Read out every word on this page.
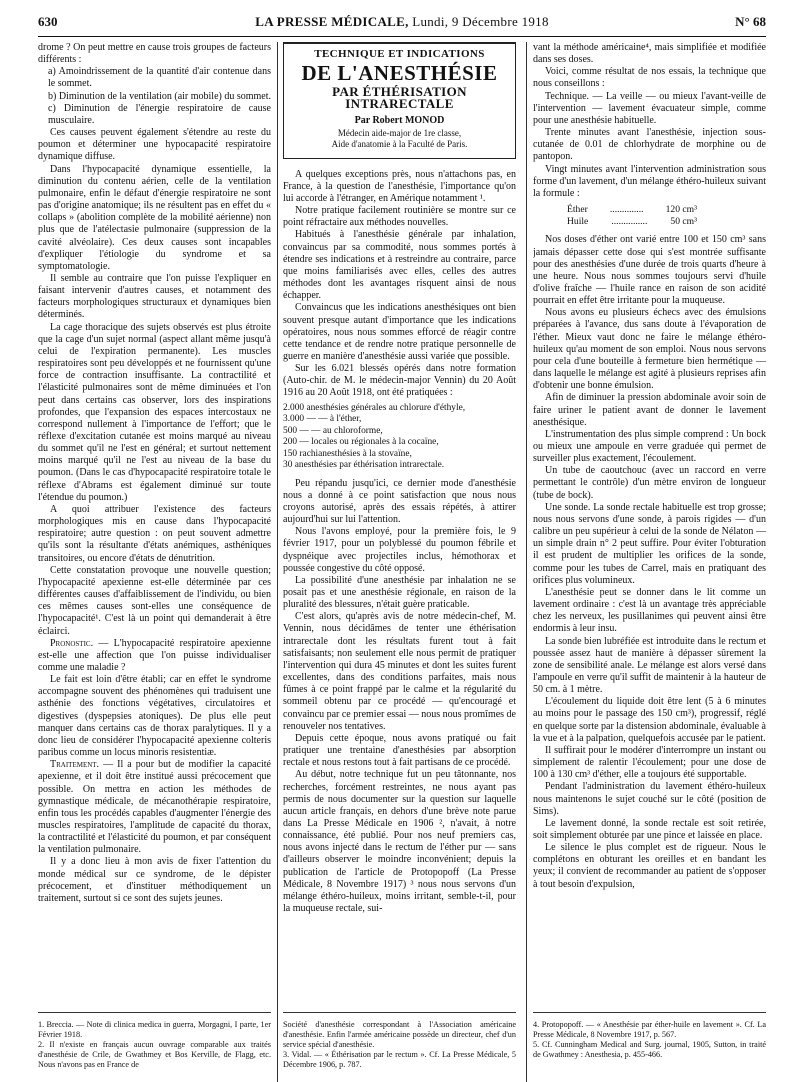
630	LA PRESSE MÉDICALE, Lundi, 9 Décembre 1918	N° 68

drome ? On peut mettre en cause trois groupes de facteurs différents :

a) Amoindrissement de la quantité d'air contenue dans le sommet.

b) Diminution de la ventilation (air mobile) du sommet.

c) Diminution de l'énergie respiratoire de cause musculaire.

Ces causes peuvent également s'étendre au reste du poumon et déterminer une hypocapacité respiratoire dynamique diffuse.

Dans l'hypocapacité dynamique essentielle, la diminution du contenu aérien, celle de la ventilation pulmonaire, enfin le défaut d'énergie respiratoire ne sont pas d'origine anatomique; ils ne résultent pas en effet du « collaps » (abolition complète de la mobilité aérienne) non plus que de l'atélectasie pulmonaire (suppression de la cavité alvéolaire). Ces deux causes sont incapables d'expliquer l'étiologie du syndrome et sa symptomatologie.

Il semble au contraire que l'on puisse l'expliquer en faisant intervenir d'autres causes, et notamment des facteurs morphologiques structuraux et dynamiques bien déterminés.

La cage thoracique des sujets observés est plus étroite que la cage d'un sujet normal (aspect allant même jusqu'à celui de l'expiration permanente). Les muscles respiratoires sont peu développés et ne fournissent qu'une force de contraction insuffisante. La contractilité et l'élasticité pulmonaires sont de même diminuées et l'on peut dans certains cas observer, lors des inspirations profondes, que l'expansion des espaces intercostaux ne correspond nullement à l'importance de l'effort; que le réflexe d'excitation cutanée est moins marqué au niveau du sommet qu'il ne l'est en général; et surtout nettement moins marqué qu'il ne l'est au niveau de la base du poumon. (Dans le cas d'hypocapacité respiratoire totale le réflexe d'Abrams est également diminué sur toute l'étendue du poumon.)

A quoi attribuer l'existence des facteurs morphologiques mis en cause dans l'hypocapacité respiratoire; autre question : on peut souvent admettre qu'ils sont la résultante d'états anémiques, asthéniques transitoires, ou encore d'états de dénutrition.

Cette constatation provoque une nouvelle question; l'hypocapacité apexienne est-elle déterminée par ces différentes causes d'affaiblissement de l'individu, ou bien ces mêmes causes sont-elles une conséquence de l'hypocapacité¹. C'est là un point qui demanderait à être éclairci.

Pronostic. — L'hypocapacité respiratoire apexienne est-elle une affection que l'on puisse individualiser comme une maladie ?

Le fait est loin d'être établi; car en effet le syndrome accompagne souvent des phénomènes qui traduisent une asthénie des fonctions végétatives, circulatoires et digestives (dyspepsies atoniques). De plus elle peut manquer dans certains cas de thorax paralytiques. Il y a donc lieu de considérer l'hypocapacité apexienne colteris paribus comme un locus minoris resistentiæ.

Traitement. — Il a pour but de modifier la capacité apexienne, et il doit être institué aussi précocement que possible. On mettra en action les méthodes de gymnastique médicale, de mécanothérapie respiratoire, enfin tous les procédés capables d'augmenter l'énergie des muscles respiratoires, l'amplitude de capacité du thorax, la contractilité et l'élasticité du poumon, et par conséquent la ventilation pulmonaire.

Il y a donc lieu à mon avis de fixer l'attention du monde médical sur ce syndrome, de le dépister précocement, et d'instituer méthodiquement un traitement, surtout si ce sont des sujets jeunes.

TECHNIQUE ET INDICATIONS
DE L'ANESTHÉSIE
PAR ÉTHÉRISATION INTRARECTALE
Par Robert MONOD
Médecin aide-major de 1re classe,
Aide d'anatomie à la Faculté de Paris.

A quelques exceptions près, nous n'attachons pas, en France, à la question de l'anesthésie, l'importance qu'on lui accorde à l'étranger, en Amérique notamment ¹.

Notre pratique facilement routinière se montre sur ce point réfractaire aux méthodes nouvelles.

Habitués à l'anesthésie générale par inhalation, convaincus par sa commodité, nous sommes portés à étendre ses indications et à restreindre au contraire, parce que moins familiarisés avec elles, celles des autres méthodes dont les avantages risquent ainsi de nous échapper.

Convaincus que les indications anesthésiques ont bien souvent presque autant d'importance que les indications opératoires, nous nous sommes efforcé de réagir contre cette tendance et de rendre notre pratique personnelle de guerre en manière d'anesthésie aussi variée que possible.

Sur les 6.021 blessés opérés dans notre formation (Auto-chir. de M. le médecin-major Vennin) du 20 Août 1916 au 20 Août 1918, ont été pratiquées :

2.000 anesthésies générales au chlorure d'éthyle,
3.000 — — à l'éther,
500 — — au chloroforme,
200 — locales ou régionales à la cocaïne,
150 rachianesthésies à la stovaïne,
30 anesthésies par éthérisation intrarectale.

Peu répandu jusqu'ici, ce dernier mode d'anesthésie nous a donné à ce point satisfaction que nous nous croyons autorisé, après des essais répétés, à attirer aujourd'hui sur lui l'attention.

Nous l'avons employé, pour la première fois, le 9 février 1917, pour un polyblessé du poumon fébrile et dyspnéique avec projectiles inclus, hémothorax et poussée congestive du côté opposé.

La possibilité d'une anesthésie par inhalation ne se posait pas et une anesthésie régionale, en raison de la pluralité des blessures, n'était guère praticable.

C'est alors, qu'après avis de notre médecin-chef, M. Vennin, nous décidâmes de tenter une éthérisation intrarectale dont les résultats furent tout à fait satisfaisants; non seulement elle nous permit de pratiquer l'intervention qui dura 45 minutes et dont les suites furent excellentes, dans des conditions parfaites, mais nous fûmes à ce point frappé par le calme et la régularité du sommeil obtenu par ce procédé — qu'encouragé et convaincu par ce premier essai — nous nous promîmes de renouveler nos tentatives.

Depuis cette époque, nous avons pratiqué ou fait pratiquer une trentaine d'anesthésies par absorption rectale et nous restons tout à fait partisans de ce procédé.

Au début, notre technique fut un peu tâtonnante, nos recherches, forcément restreintes, ne nous ayant pas permis de nous documenter sur la question sur laquelle aucun article français, en dehors d'une brève note parue dans La Presse Médicale en 1906 ², n'avait, à notre connaissance, été publié. Pour nos neuf premiers cas, nous avons injecté dans le rectum de l'éther pur — sans d'ailleurs observer le moindre inconvénient; depuis la publication de l'article de Protopopoff (La Presse Médicale, 8 Novembre 1917) ³ nous nous servons d'un mélange éthéro-huileux, moins irritant, semble-t-il, pour la muqueuse rectale, sui-

vant la méthode américaine⁴, mais simplifiée et modifiée dans ses doses.

Voici, comme résultat de nos essais, la technique que nous conseillons :

Technique. — La veille — ou mieux l'avant-veille de l'intervention — lavement évacuateur simple, comme pour une anesthésie habituelle.

Trente minutes avant l'anesthésie, injection sous-cutanée de 0.01 de chlorhydrate de morphine ou de pantopon.

Vingt minutes avant l'intervention administration sous forme d'un lavement, d'un mélange éthéro-huileux suivant la formule :

Éther .............. 120 cm³
Huile ............... 50 cm³

Nos doses d'éther ont varié entre 100 et 150 cm³ sans jamais dépasser cette dose qui s'est montrée suffisante pour des anesthésies d'une durée de trois quarts d'heure à une heure. Nous nous sommes toujours servi d'huile d'olive fraîche — l'huile rance en raison de son acidité pourrait en effet être irritante pour la muqueuse.

Nous avons eu plusieurs échecs avec des émulsions préparées à l'avance, dus sans doute à l'évaporation de l'éther. Mieux vaut donc ne faire le mélange éthéro-huileux qu'au moment de son emploi. Nous nous servons pour cela d'une bouteille à fermeture bien hermétique — dans laquelle le mélange est agité à plusieurs reprises afin d'obtenir une bonne émulsion.

Afin de diminuer la pression abdominale avoir soin de faire uriner le patient avant de donner le lavement anesthésique.

L'instrumentation des plus simple comprend : Un bock ou mieux une ampoule en verre graduée qui permet de surveiller plus exactement, l'écoulement.

Un tube de caoutchouc (avec un raccord en verre permettant le contrôle) d'un mètre environ de longueur (tube de bock).

Une sonde. La sonde rectale habituelle est trop grosse; nous nous servons d'une sonde, à parois rigides — d'un calibre un peu supérieur à celui de la sonde de Nélaton — un simple drain n° 2 peut suffire. Pour éviter l'obturation il est prudent de multiplier les orifices de la sonde, comme pour les tubes de Carrel, mais en pratiquant des orifices plus volumineux.

L'anesthésie peut se donner dans le lit comme un lavement ordinaire : c'est là un avantage très appréciable chez les nerveux, les pusillanimes qui peuvent ainsi être endormis à leur insu.

La sonde bien lubréfiée est introduite dans le rectum et poussée assez haut de manière à dépasser sûrement la zone de sensibilité anale. Le mélange est alors versé dans l'ampoule en verre qu'il suffit de maintenir à la hauteur de 50 cm. à 1 mètre.

L'écoulement du liquide doit être lent (5 à 6 minutes au moins pour le passage des 150 cm³), progressif, réglé en quelque sorte par la distension abdominale, évaluable à la vue et à la palpation, quelquefois accusée par le patient.

Il suffirait pour le modérer d'interrompre un instant ou simplement de ralentir l'écoulement; pour une dose de 100 à 130 cm³ d'éther, elle a toujours été supportable.

Pendant l'administration du lavement éthéro-huileux nous maintenons le sujet couché sur le côté (position de Sims).

Le lavement donné, la sonde rectale est soit retirée, soit simplement obturée par une pince et laissée en place.

Le silence le plus complet est de rigueur. Nous le complétons en obturant les oreilles et en bandant les yeux; il convient de recommander au patient de s'opposer à tout besoin d'expulsion,

1. Breccia. — Note di clinica medica in guerra, Morgagni, I parte, 1er Février 1918.

2. Il n'existe en français aucun ouvrage comparable aux traités d'anesthésie de Crile, de Gwathmey et Bos Kerville, de Flagg, etc. Nous n'avons pas en France de

Société d'anesthésie correspondant à l'Association américaine d'anesthésie. Enfin l'armée américaine possède un directeur, chef d'un service spécial d'anesthésie.

3. Vidal. — « Éthérisation par le rectum ». Cf. La Presse Médicale, 5 Décembre 1906, p. 787.

4. Protopopoff. — « Anesthésie par éther-huile en lavement ». Cf. La Presse Médicale, 8 Novembre 1917, p. 567.

5. Cf. Cunningham Medical and Surg. journal, 1905, Sutton, in traité de Gwathmey : Anesthesia, p. 455-466.
